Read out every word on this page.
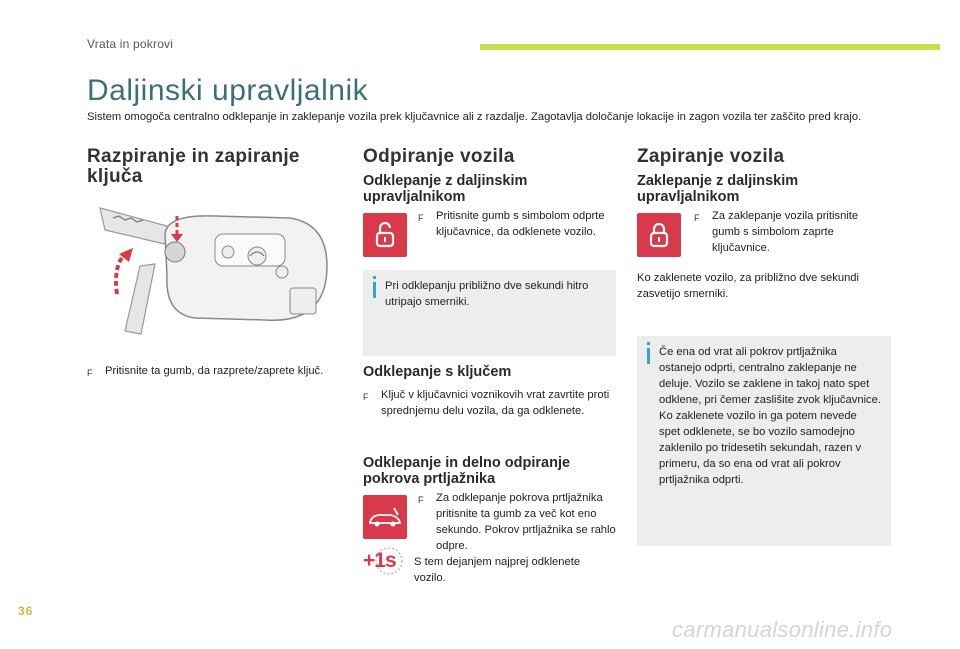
Vrata in pokrovi
Daljinski upravljalnik
Sistem omogoča centralno odklepanje in zaklepanje vozila prek ključavnice ali z razdalje. Zagotavlja določanje lokacije in zagon vozila ter zaščito pred krajo.
Razpiranje in zapiranje ključa
F	Pritisnite ta gumb, da razprete/zaprete ključ.
Odpiranje vozila
Odklepanje z daljinskim upravljalnikom
F	Pritisnite gumb s simbolom odprte ključavnice, da odklenete vozilo.
Pri odklepanju približno dve sekundi hitro utripajo smerniki.
Odklepanje s ključem
F	Ključ v ključavnici voznikovih vrat zavrtite proti sprednjemu delu vozila, da ga odklenete.
Odklepanje in delno odpiranje pokrova prtljažnika
+1s
F	Za odklepanje pokrova prtljažnika pritisnite ta gumb za več kot eno sekundo. Pokrov prtljažnika se rahlo odpre.
S tem dejanjem najprej odklenete vozilo.
Zapiranje vozila
Zaklepanje z daljinskim upravljalnikom
F	Za zaklepanje vozila pritisnite gumb s simbolom zaprte ključavnice.
Ko zaklenete vozilo, za približno dve sekundi zasvetijo smerniki.
Če ena od vrat ali pokrov prtljažnika ostanejo odprti, centralno zaklepanje ne deluje. Vozilo se zaklene in takoj nato spet odklene, pri čemer zaslišite zvok ključavnice.
Ko zaklenete vozilo in ga potem nevede spet odklenete, se bo vozilo samodejno zaklenilo po tridesetih sekundah, razen v primeru, da so ena od vrat ali pokrov prtljažnika odprti.
36
carmanualsonline.info
